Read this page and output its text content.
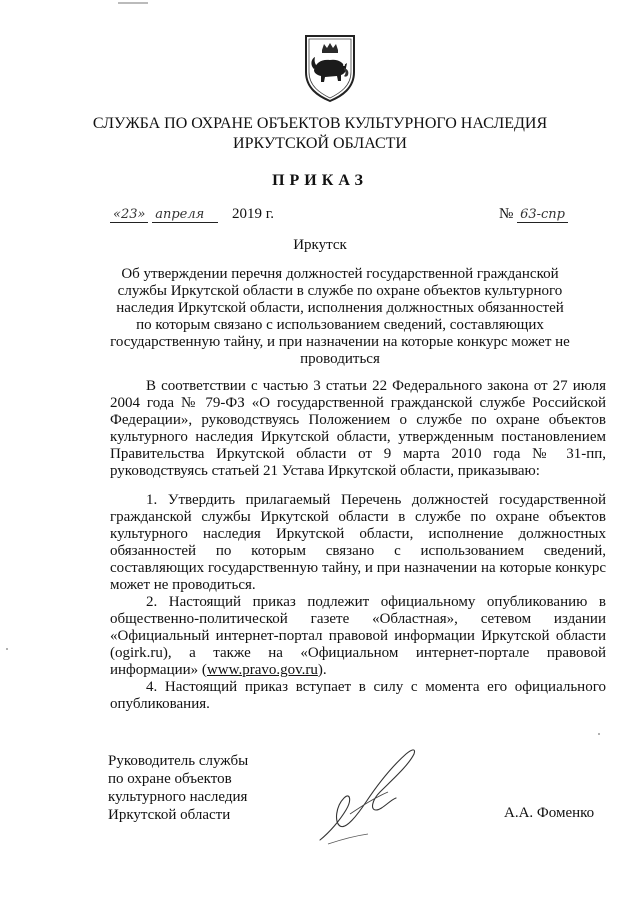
СЛУЖБА ПО ОХРАНЕ ОБЪЕКТОВ КУЛЬТУРНОГО НАСЛЕДИЯ
ИРКУТСКОЙ ОБЛАСТИ
ПРИКАЗ
«23» апреля 2019 г.	№ 63-спр
Иркутск
Об утверждении перечня должностей государственной гражданской службы Иркутской области в службе по охране объектов культурного наследия Иркутской области, исполнения должностных обязанностей по которым связано с использованием сведений, составляющих государственную тайну, и при назначении на которые конкурс может не проводиться
В соответствии с частью 3 статьи 22 Федерального закона от 27 июля 2004 года № 79-ФЗ «О государственной гражданской службе Российской Федерации», руководствуясь Положением о службе по охране объектов культурного наследия Иркутской области, утвержденным постановлением Правительства Иркутской области от 9 марта 2010 года № 31-пп, руководствуясь статьей 21 Устава Иркутской области, приказываю:

1. Утвердить прилагаемый Перечень должностей государственной гражданской службы Иркутской области в службе по охране объектов культурного наследия Иркутской области, исполнение должностных обязанностей по которым связано с использованием сведений, составляющих государственную тайну, и при назначении на которые конкурс может не проводиться.

2. Настоящий приказ подлежит официальному опубликованию в общественно-политической газете «Областная», сетевом издании «Официальный интернет-портал правовой информации Иркутской области (ogirk.ru), а также на «Официальном интернет-портале правовой информации» (www.pravo.gov.ru).

4. Настоящий приказ вступает в силу с момента его официального опубликования.

Руководитель службы
по охране объектов
культурного наследия
Иркутской области	А.А. Фоменко
